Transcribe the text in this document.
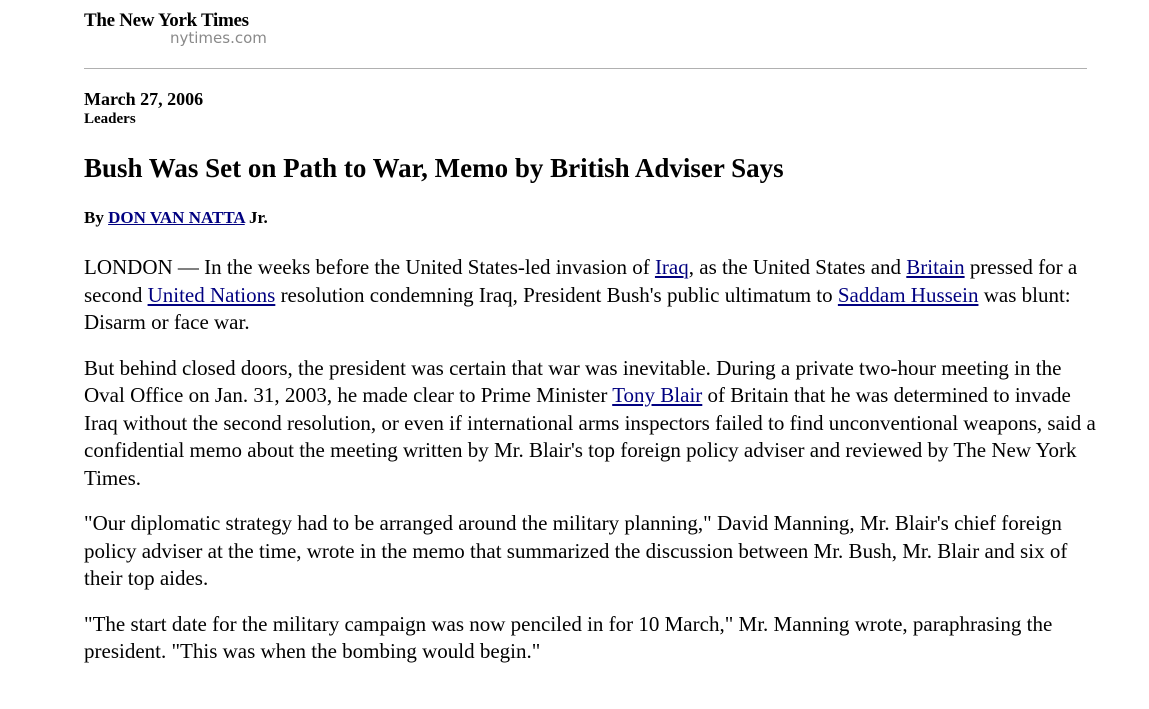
The New York Times
nytimes.com
March 27, 2006
Leaders
Bush Was Set on Path to War, Memo by British Adviser Says
By DON VAN NATTA Jr.

LONDON — In the weeks before the United States-led invasion of Iraq, as the United States and Britain pressed for a second United Nations resolution condemning Iraq, President Bush's public ultimatum to Saddam Hussein was blunt: Disarm or face war.

But behind closed doors, the president was certain that war was inevitable. During a private two-hour meeting in the Oval Office on Jan. 31, 2003, he made clear to Prime Minister Tony Blair of Britain that he was determined to invade Iraq without the second resolution, or even if international arms inspectors failed to find unconventional weapons, said a confidential memo about the meeting written by Mr. Blair's top foreign policy adviser and reviewed by The New York Times.

"Our diplomatic strategy had to be arranged around the military planning," David Manning, Mr. Blair's chief foreign policy adviser at the time, wrote in the memo that summarized the discussion between Mr. Bush, Mr. Blair and six of their top aides.

"The start date for the military campaign was now penciled in for 10 March," Mr. Manning wrote, paraphrasing the president. "This was when the bombing would begin."
